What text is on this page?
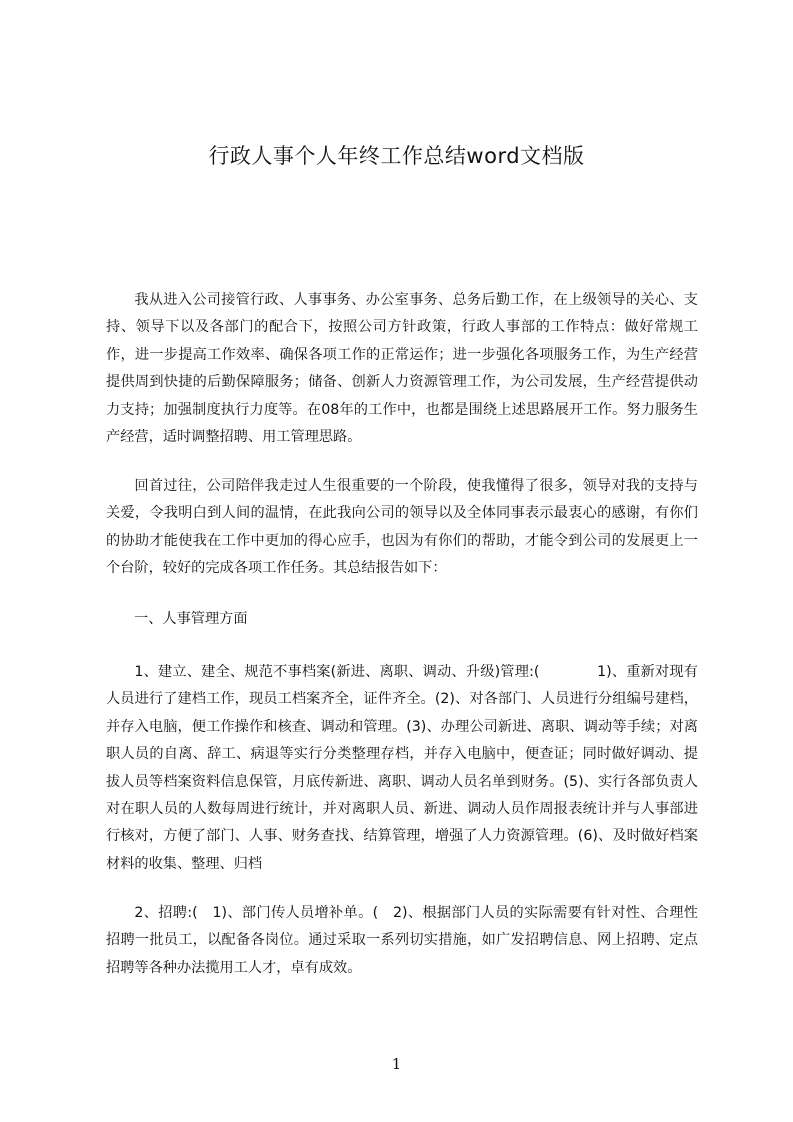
行政人事个人年终工作总结word文档版

我从进入公司接管行政、人事事务、办公室事务、总务后勤工作，在上级领导的关心、支持、领导下以及各部门的配合下，按照公司方针政策，行政人事部的工作特点：做好常规工作，进一步提高工作效率、确保各项工作的正常运作；进一步强化各项服务工作，为生产经营提供周到快捷的后勤保障服务；储备、创新人力资源管理工作，为公司发展，生产经营提供动力支持；加强制度执行力度等。在08年的工作中，也都是围绕上述思路展开工作。努力服务生产经营，适时调整招聘、用工管理思路。

回首过往，公司陪伴我走过人生很重要的一个阶段，使我懂得了很多，领导对我的支持与关爱，令我明白到人间的温情，在此我向公司的领导以及全体同事表示最衷心的感谢，有你们的协助才能使我在工作中更加的得心应手，也因为有你们的帮助，才能令到公司的发展更上一个台阶，较好的完成各项工作任务。其总结报告如下：

一、人事管理方面

1、建立、建全、规范不事档案(新进、离职、调动、升级)管理:(　　　　1)、重新对现有人员进行了建档工作，现员工档案齐全，证件齐全。(2)、对各部门、人员进行分组编号建档，并存入电脑，便工作操作和核查、调动和管理。(3)、办理公司新进、离职、调动等手续；对离职人员的自离、辞工、病退等实行分类整理存档，并存入电脑中，便查证；同时做好调动、提拔人员等档案资料信息保管，月底传新进、离职、调动人员名单到财务。(5)、实行各部负责人对在职人员的人数每周进行统计，并对离职人员、新进、调动人员作周报表统计并与人事部进行核对，方便了部门、人事、财务查找、结算管理，增强了人力资源管理。(6)、及时做好档案材料的收集、整理、归档

2、招聘:(　1)、部门传人员增补单。(　2)、根据部门人员的实际需要有针对性、合理性招聘一批员工，以配备各岗位。通过采取一系列切实措施，如广发招聘信息、网上招聘、定点招聘等各种办法揽用工人才，卓有成效。

1
